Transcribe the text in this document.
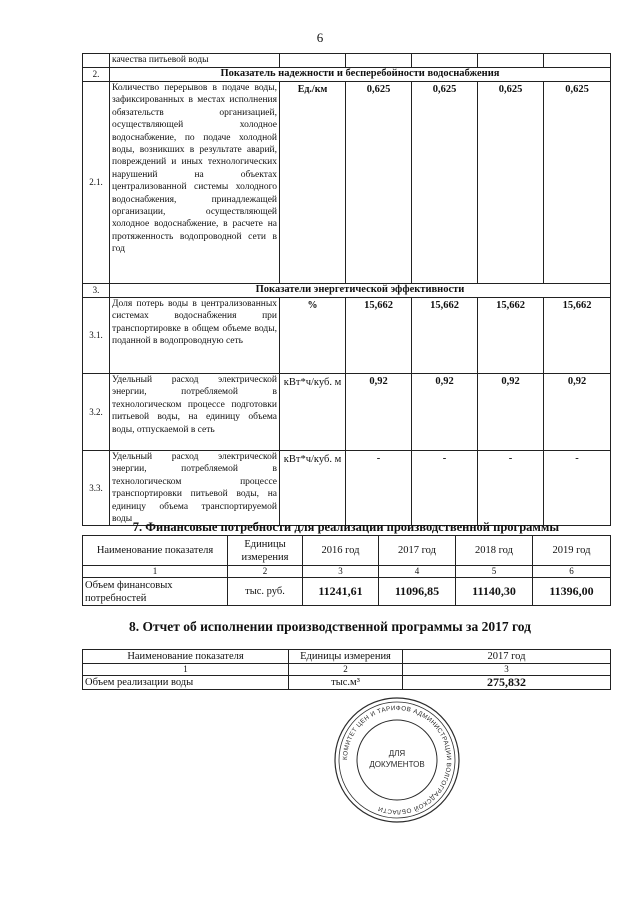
6
	качества питьевой воды					
2.	Показатель надежности и бесперебойности водоснабжения					
2.1.	Количество перерывов в подаче воды, зафиксированных в местах исполнения обязательств организацией, осуществляющей холодное водоснабжение, по подаче холодной воды, возникших в результате аварий, повреждений и иных технологических нарушений на объектах централизованной системы холодного водоснабжения, принадлежащей организации, осуществляющей холодное водоснабжение, в расчете на протяженность водопроводной сети в год	Ед./км	0,625	0,625	0,625	0,625
3.	Показатели энергетической эффективности					
3.1.	Доля потерь воды в централизованных системах водоснабжения при транспортировке в общем объеме воды, поданной в водопроводную сеть	%	15,662	15,662	15,662	15,662
3.2.	Удельный расход электрической энергии, потребляемой в технологическом процессе подготовки питьевой воды, на единицу объема воды, отпускаемой в сеть	кВт*ч/куб. м	0,92	0,92	0,92	0,92
3.3.	Удельный расход электрической энергии, потребляемой в технологическом процессе транспортировки питьевой воды, на единицу объема транспортируемой воды	кВт*ч/куб. м	-	-	-	-
7. Финансовые потребности для реализации производственной программы
Наименование показателя	Единицы измерения	2016 год	2017 год	2018 год	2019 год
1	2	3	4	5	6
Объем финансовых потребностей	тыс. руб.	11241,61	11096,85	11140,30	11396,00
8. Отчет об исполнении производственной программы за 2017 год
Наименование показателя	Единицы измерения	2017 год
1	2	3
Объем реализации воды	тыс.м³	275,832
КОМИТЕТ ЦЕН И ТАРИФОВ АДМИНИСТРАЦИИ ВОЛГОГРАДСКОЙ ОБЛАСТИ
ДЛЯ
ДОКУМЕНТОВ
